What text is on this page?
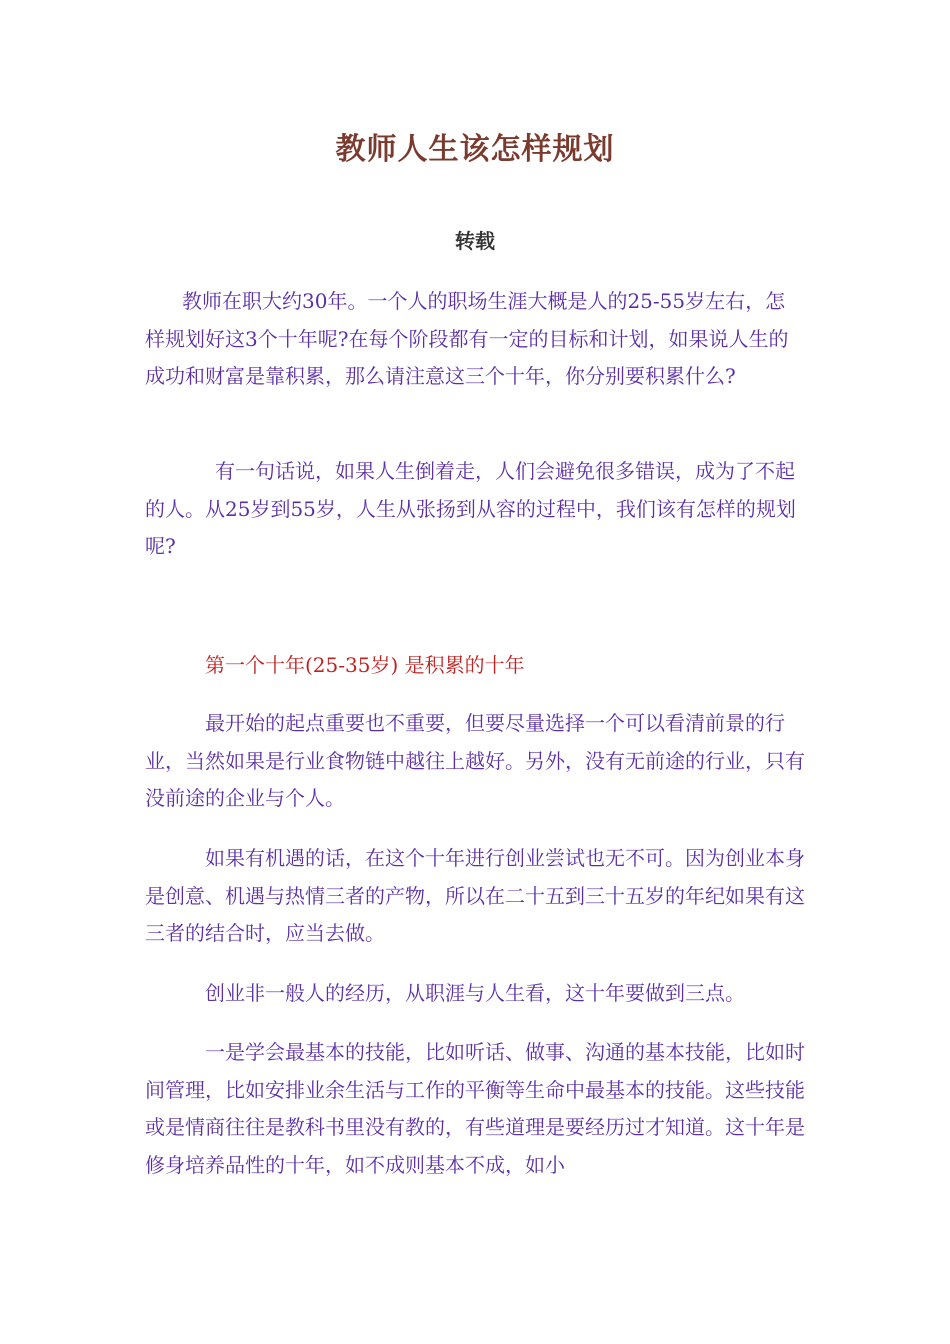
教师人生该怎样规划
转载

教师在职大约30年。一个人的职场生涯大概是人的25-55岁左右，怎样规划好这3个十年呢?在每个阶段都有一定的目标和计划，如果说人生的成功和财富是靠积累，那么请注意这三个十年，你分别要积累什么?

有一句话说，如果人生倒着走，人们会避免很多错误，成为了不起的人。从25岁到55岁，人生从张扬到从容的过程中，我们该有怎样的规划呢?

第一个十年(25-35岁) 是积累的十年

最开始的起点重要也不重要，但要尽量选择一个可以看清前景的行业，当然如果是行业食物链中越往上越好。另外，没有无前途的行业，只有没前途的企业与个人。

如果有机遇的话，在这个十年进行创业尝试也无不可。因为创业本身是创意、机遇与热情三者的产物，所以在二十五到三十五岁的年纪如果有这三者的结合时，应当去做。

创业非一般人的经历，从职涯与人生看，这十年要做到三点。

一是学会最基本的技能，比如听话、做事、沟通的基本技能，比如时间管理，比如安排业余生活与工作的平衡等生命中最基本的技能。这些技能或是情商往往是教科书里没有教的，有些道理是要经历过才知道。这十年是修身培养品性的十年，如不成则基本不成，如小
